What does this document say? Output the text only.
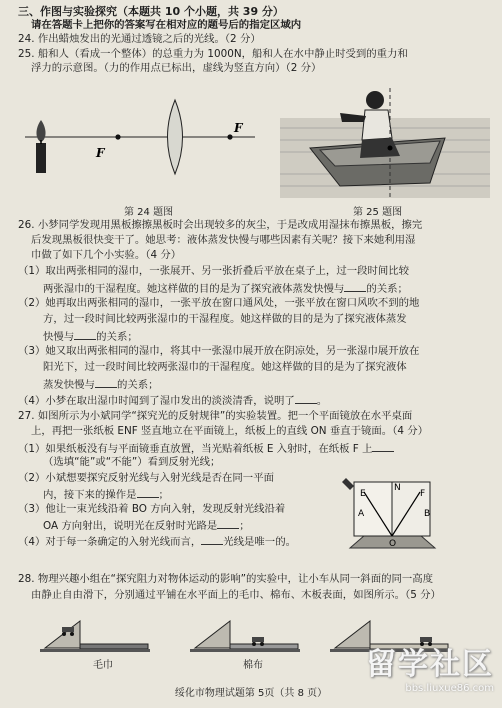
三、作图与实验探究（本题共 10 个小题，共 39 分）
请在答题卡上把你的答案写在相对应的题号后的指定区域内
24. 作出蜡烛发出的光通过透镜之后的光线。（2 分）
25. 船和人（看成一个整体）的总重力为 1000N，船和人在水中静止时受到的重力和
浮力的示意图。（力的作用点已标出，虚线为竖直方向）（2 分）
F
F
第 24 题图	第 25 题图
26. 小梦同学发现用黑板擦擦黑板时会出现较多的灰尘，于是改成用湿抹布擦黑板，擦完
后发现黑板很快变干了。她思考：液体蒸发快慢与哪些因素有关呢？接下来她利用湿
巾做了如下几个小实验。（4 分）
（1）取出两张相同的湿巾，一张展开、另一张折叠后平放在桌子上，过一段时间比较
两张湿巾的干湿程度。她这样做的目的是为了探究液体蒸发快慢与 的关系；
（2）她再取出两张相同的湿巾，一张平放在窗口通风处，一张平放在窗口风吹不到的地
方，过一段时间比较两张湿巾的干湿程度。她这样做的目的是为了探究液体蒸发
快慢与 的关系；
（3）她又取出两张相同的湿巾，将其中一张湿巾展开放在阴凉处，另一张湿巾展开放在
阳光下，过一段时间比较两张湿巾的干湿程度。她这样做的目的是为了探究液体
蒸发快慢与 的关系；
（4）小梦在取出湿巾时闻到了湿巾发出的淡淡清香，说明了 。
27. 如图所示为小斌同学“探究光的反射规律”的实验装置。把一个平面镜放在水平桌面
上，再把一张纸板 ENF 竖直地立在平面镜上，纸板上的直线 ON 垂直于镜面。（4 分）
（1）如果纸板没有与平面镜垂直放置，当光贴着纸板 E 入射时，在纸板 F 上
（选填“能”或“不能”）看到反射光线；
（2）小斌想要探究反射光线与入射光线是否在同一平面
内，接下来的操作是 ；
（3）他让一束光线沿着 BO 方向入射，发现反射光线沿着
OA 方向射出，说明光在反射时光路是 ；
（4）对于每一条确定的入射光线而言， 光线是唯一的。
E
N
F
A	B
O
28. 物理兴趣小组在“探究阻力对物体运动的影响”的实验中，让小车从同一斜面的同一高度
由静止自由滑下，分别通过平铺在水平面上的毛巾、棉布、木板表面，如图所示。（5 分）
毛巾	棉布
绥化市物理试题第 5页（共 8 页）
留学社区
bbs.liuxue86.com
